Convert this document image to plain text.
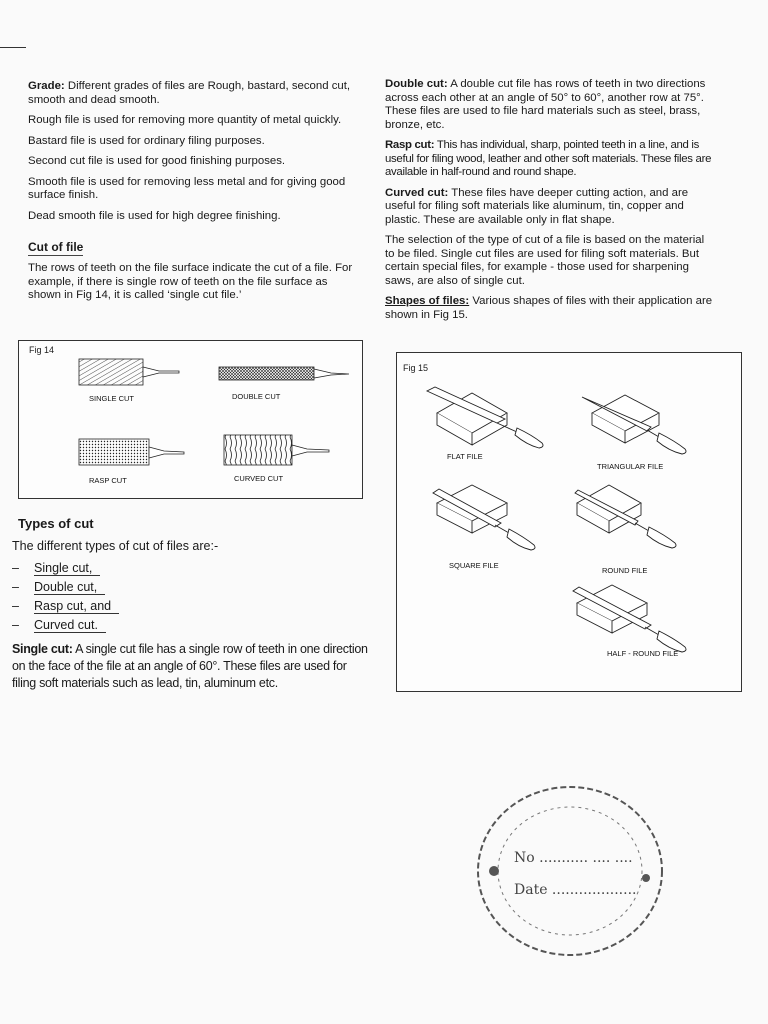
Grade: Different grades of files are Rough, bastard, second cut, smooth and dead smooth.

Rough file is used for removing more quantity of metal quickly.

Bastard file is used for ordinary filing purposes.

Second cut file is used for good finishing purposes.

Smooth file is used for removing less metal and for giving good surface finish.

Dead smooth file is used for high degree finishing.

Cut of file

The rows of teeth on the file surface indicate the cut of a file. For example, if there is single row of teeth on the file surface as shown in Fig 14, it is called ‘single cut file.’

Fig 14
SINGLE CUT	DOUBLE CUT
RASP CUT	CURVED CUT
Types of cut
The different types of cut of files are:-
– Single cut,
– Double cut,
– Rasp cut, and
– Curved cut.

Single cut: A single cut file has a single row of teeth in one direction on the face of the file at an angle of 60°. These files are used for filing soft materials such as lead, tin, aluminum etc.

Double cut: A double cut file has rows of teeth in two directions across each other at an angle of 50° to 60°, another row at 75°. These files are used to file hard materials such as steel, brass, bronze, etc.

Rasp cut: This has individual, sharp, pointed teeth in a line, and is useful for filing wood, leather and other soft materials. These files are available in half-round and round shape.

Curved cut: These files have deeper cutting action, and are useful for filing soft materials like aluminum, tin, copper and plastic. These are available only in flat shape.

The selection of the type of cut of a file is based on the material to be filed. Single cut files are used for filing soft materials. But certain special files, for example - those used for sharpening saws, are also of single cut.

Shapes of files: Various shapes of files with their application are shown in Fig 15.

Fig 15
FLAT FILE
TRIANGULAR FILE
SQUARE FILE
ROUND FILE
HALF - ROUND FILE
No ........... .... ....
Date ...................
